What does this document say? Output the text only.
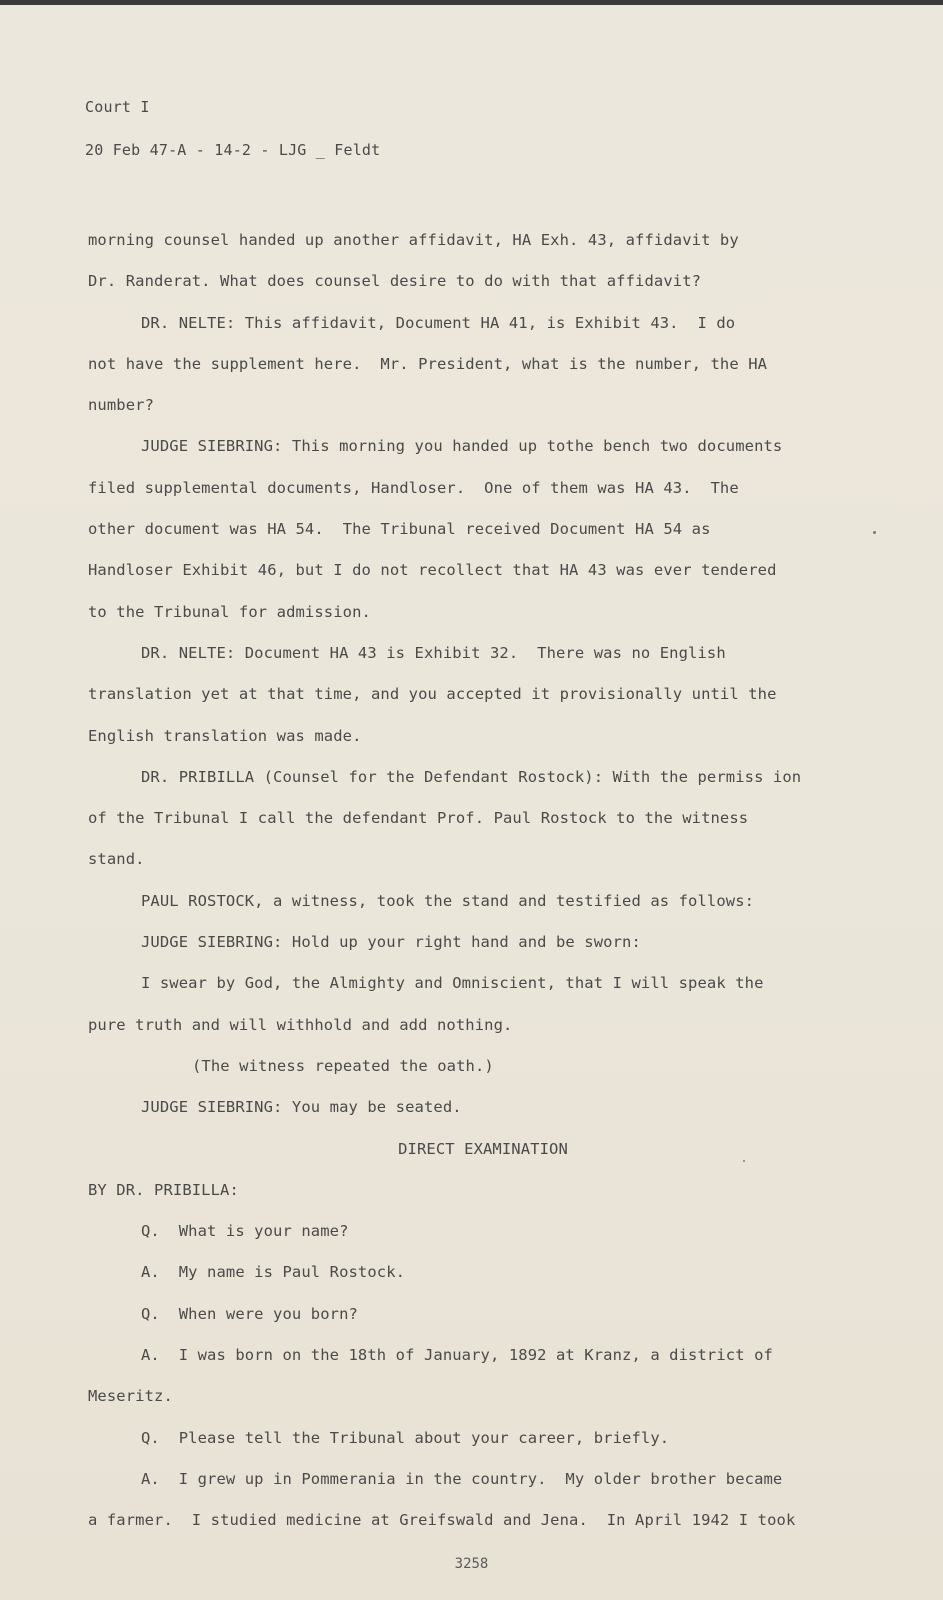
Court I
20 Feb 47-A - 14-2 - LJG _ Feldt

morning counsel handed up another affidavit, HA Exh. 43, affidavit by

Dr. Randerat. What does counsel desire to do with that affidavit?

DR. NELTE: This affidavit, Document HA 41, is Exhibit 43.  I do

not have the supplement here.  Mr. President, what is the number, the HA

number?

JUDGE SIEBRING: This morning you handed up tothe bench two documents

filed supplemental documents, Handloser.  One of them was HA 43.  The

other document was HA 54.  The Tribunal received Document HA 54 as

Handloser Exhibit 46, but I do not recollect that HA 43 was ever tendered

to the Tribunal for admission.

DR. NELTE: Document HA 43 is Exhibit 32.  There was no English

translation yet at that time, and you accepted it provisionally until the

English translation was made.

DR. PRIBILLA (Counsel for the Defendant Rostock): With the permiss ion

of the Tribunal I call the defendant Prof. Paul Rostock to the witness

stand.

PAUL ROSTOCK, a witness, took the stand and testified as follows:

JUDGE SIEBRING: Hold up your right hand and be sworn:

I swear by God, the Almighty and Omniscient, that I will speak the

pure truth and will withhold and add nothing.

(The witness repeated the oath.)

JUDGE SIEBRING: You may be seated.

DIRECT EXAMINATION

BY DR. PRIBILLA:

Q.  What is your name?

A.  My name is Paul Rostock.

Q.  When were you born?

A.  I was born on the 18th of January, 1892 at Kranz, a district of

Meseritz.

Q.  Please tell the Tribunal about your career, briefly.

A.  I grew up in Pommerania in the country.  My older brother became

a farmer.  I studied medicine at Greifswald and Jena.  In April 1942 I took

3258
